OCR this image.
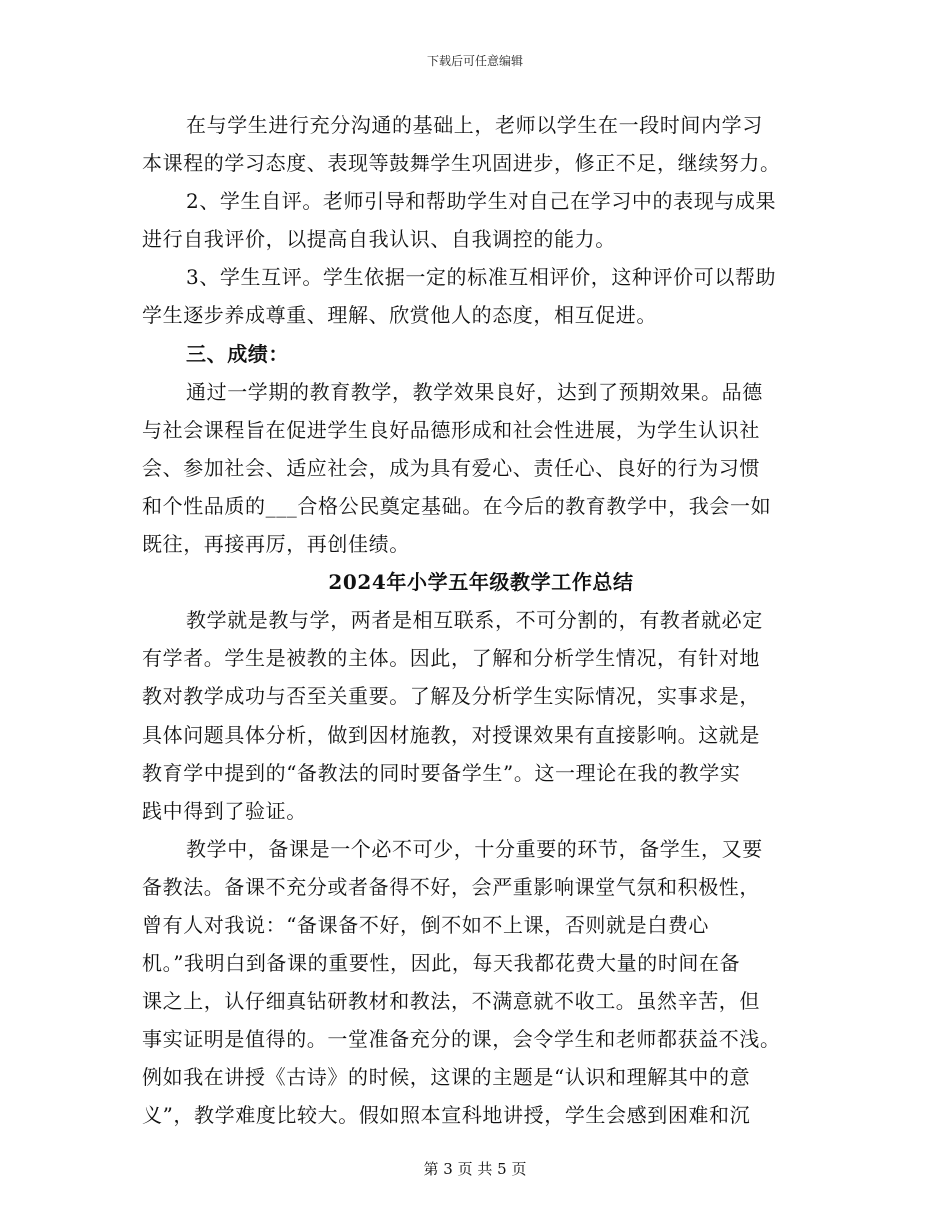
下载后可任意编辑
在与学生进行充分沟通的基础上，老师以学生在一段时间内学习
本课程的学习态度、表现等鼓舞学生巩固进步，修正不足，继续努力。
2、学生自评。老师引导和帮助学生对自己在学习中的表现与成果
进行自我评价，以提高自我认识、自我调控的能力。
3、学生互评。学生依据一定的标准互相评价，这种评价可以帮助
学生逐步养成尊重、理解、欣赏他人的态度，相互促进。
三、成绩：
通过一学期的教育教学，教学效果良好，达到了预期效果。品德
与社会课程旨在促进学生良好品德形成和社会性进展，为学生认识社
会、参加社会、适应社会，成为具有爱心、责任心、良好的行为习惯
和个性品质的___合格公民奠定基础。在今后的教育教学中，我会一如
既往，再接再厉，再创佳绩。
2024年小学五年级教学工作总结
教学就是教与学，两者是相互联系，不可分割的，有教者就必定
有学者。学生是被教的主体。因此，了解和分析学生情况，有针对地
教对教学成功与否至关重要。了解及分析学生实际情况，实事求是，
具体问题具体分析，做到因材施教，对授课效果有直接影响。这就是
教育学中提到的“备教法的同时要备学生”。这一理论在我的教学实
践中得到了验证。
教学中，备课是一个必不可少，十分重要的环节，备学生，又要
备教法。备课不充分或者备得不好，会严重影响课堂气氛和积极性，
曾有人对我说：“备课备不好，倒不如不上课，否则就是白费心
机。”我明白到备课的重要性，因此，每天我都花费大量的时间在备
课之上，认仔细真钻研教材和教法，不满意就不收工。虽然辛苦，但
事实证明是值得的。一堂准备充分的课，会令学生和老师都获益不浅。
例如我在讲授《古诗》的时候，这课的主题是“认识和理解其中的意
义”，教学难度比较大。假如照本宣科地讲授，学生会感到困难和沉
第 3 页 共 5 页
